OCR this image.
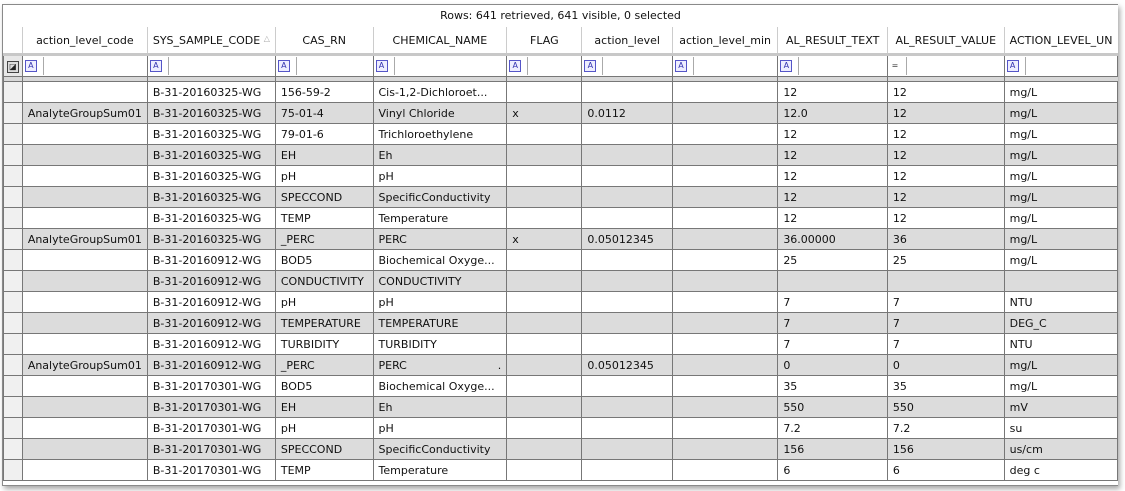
Rows: 641 retrieved, 641 visible, 0 selected
	action_level_code	SYS_SAMPLE_CODE △	CAS_RN	CHEMICAL_NAME	FLAG	action_level	action_level_min	AL_RESULT_TEXT	AL_RESULT_VALUE	ACTION_LEVEL_UN
◪	A	A	A	A	A	A	A	A	=	A

		B-31-20160325-WG	156-59-2	Cis-1,2-Dichloroet...				12	12	mg/L
	AnalyteGroupSum01	B-31-20160325-WG	75-01-4	Vinyl Chloride	x	0.0112		12.0	12	mg/L
		B-31-20160325-WG	79-01-6	Trichloroethylene				12	12	mg/L
		B-31-20160325-WG	EH	Eh				12	12	mg/L
		B-31-20160325-WG	pH	pH				12	12	mg/L
		B-31-20160325-WG	SPECCOND	SpecificConductivity				12	12	mg/L
		B-31-20160325-WG	TEMP	Temperature				12	12	mg/L
	AnalyteGroupSum01	B-31-20160325-WG	_PERC	PERC	x	0.05012345		36.00000	36	mg/L
		B-31-20160912-WG	BOD5	Biochemical Oxyge...				25	25	mg/L
		B-31-20160912-WG	CONDUCTIVITY	CONDUCTIVITY						
		B-31-20160912-WG	pH	pH				7	7	NTU
		B-31-20160912-WG	TEMPERATURE	TEMPERATURE				7	7	DEG_C
		B-31-20160912-WG	TURBIDITY	TURBIDITY				7	7	NTU
	AnalyteGroupSum01	B-31-20160912-WG	_PERC	PERC                          .		0.05012345		0	0	mg/L
		B-31-20170301-WG	BOD5	Biochemical Oxyge...				35	35	mg/L
		B-31-20170301-WG	EH	Eh				550	550	mV
		B-31-20170301-WG	pH	pH				7.2	7.2	su
		B-31-20170301-WG	SPECCOND	SpecificConductivity				156	156	us/cm
		B-31-20170301-WG	TEMP	Temperature				6	6	deg c
